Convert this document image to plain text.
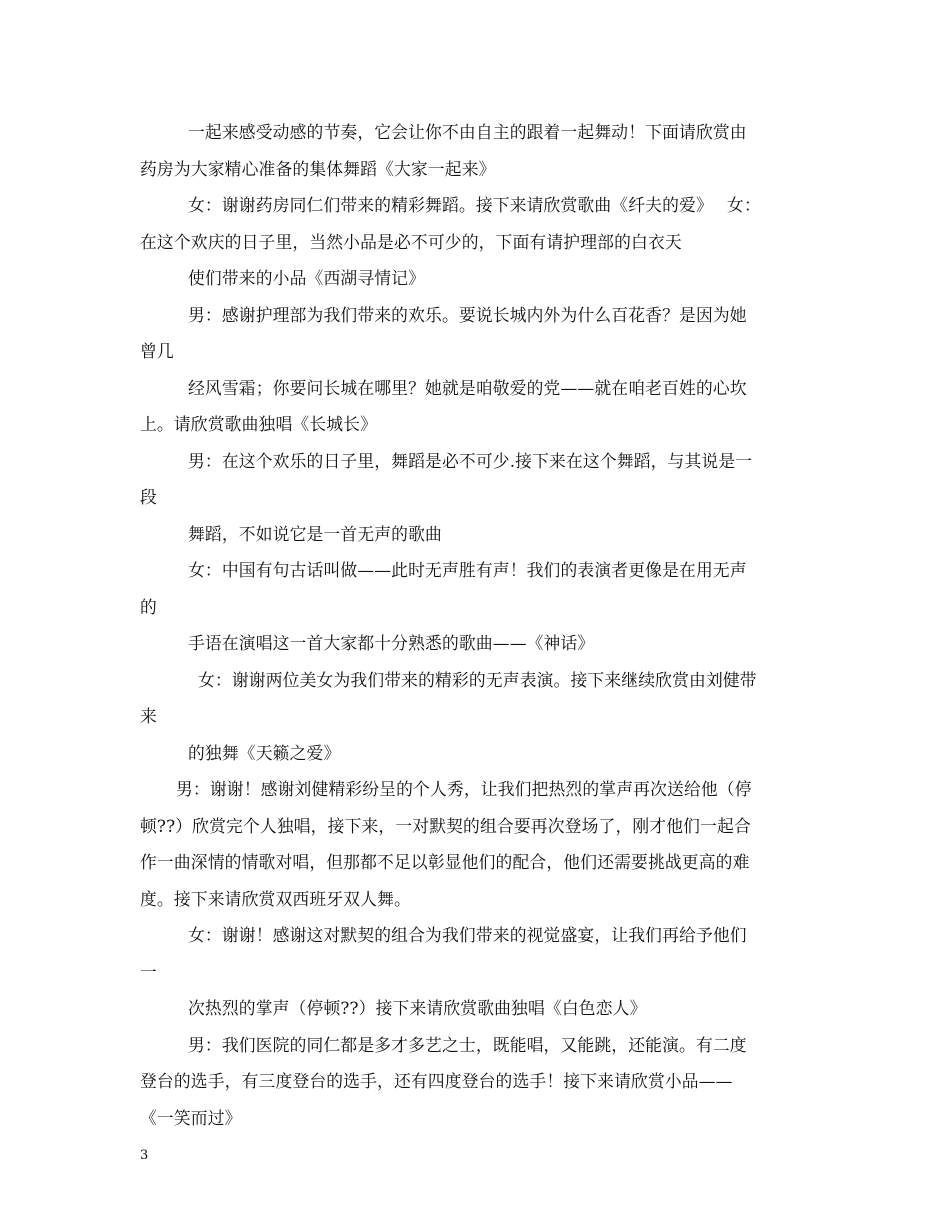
一起来感受动感的节奏，它会让你不由自主的跟着一起舞动！下面请欣赏由
药房为大家精心准备的集体舞蹈《大家一起来》
女：谢谢药房同仁们带来的精彩舞蹈。接下来请欣赏歌曲《纤夫的爱》　 女：
在这个欢庆的日子里，当然小品是必不可少的，下面有请护理部的白衣天
使们带来的小品《西湖寻情记》
男：感谢护理部为我们带来的欢乐。要说长城内外为什么百花香？是因为她
曾几
经风雪霜；你要问长城在哪里？她就是咱敬爱的党——就在咱老百姓的心坎
上。请欣赏歌曲独唱《长城长》
男：在这个欢乐的日子里，舞蹈是必不可少.接下来在这个舞蹈，与其说是一
段
舞蹈，不如说它是一首无声的歌曲
女：中国有句古话叫做——此时无声胜有声！我们的表演者更像是在用无声
的
手语在演唱这一首大家都十分熟悉的歌曲——《神话》
女：谢谢两位美女为我们带来的精彩的无声表演。接下来继续欣赏由刘健带
来
的独舞《天籁之爱》
男：谢谢！感谢刘健精彩纷呈的个人秀，让我们把热烈的掌声再次送给他（停
顿??）欣赏完个人独唱，接下来，一对默契的组合要再次登场了，刚才他们一起合
作一曲深情的情歌对唱，但那都不足以彰显他们的配合，他们还需要挑战更高的难
度。接下来请欣赏双西班牙双人舞。
女：谢谢！感谢这对默契的组合为我们带来的视觉盛宴，让我们再给予他们
一
次热烈的掌声（停顿??）接下来请欣赏歌曲独唱《白色恋人》
男：我们医院的同仁都是多才多艺之士，既能唱，又能跳，还能演。有二度
登台的选手，有三度登台的选手，还有四度登台的选手！接下来请欣赏小品——
《一笑而过》
3
